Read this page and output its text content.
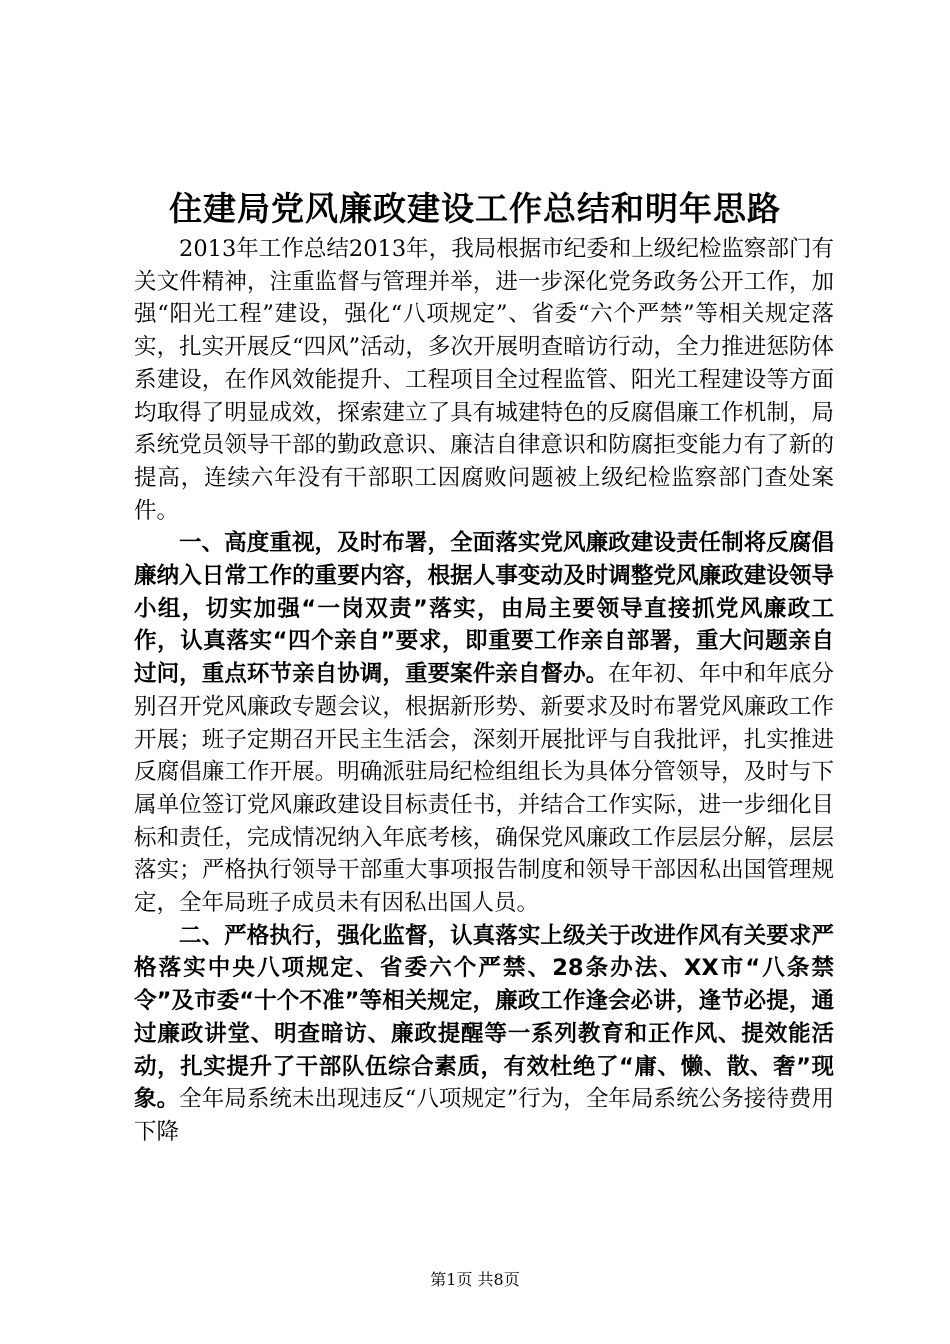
住建局党风廉政建设工作总结和明年思路

2013年工作总结2013年，我局根据市纪委和上级纪检监察部门有关文件精神，注重监督与管理并举，进一步深化党务政务公开工作，加强“阳光工程”建设，强化“八项规定”、省委“六个严禁”等相关规定落实，扎实开展反“四风”活动，多次开展明查暗访行动，全力推进惩防体系建设，在作风效能提升、工程项目全过程监管、阳光工程建设等方面均取得了明显成效，探索建立了具有城建特色的反腐倡廉工作机制，局系统党员领导干部的勤政意识、廉洁自律意识和防腐拒变能力有了新的提高，连续六年没有干部职工因腐败问题被上级纪检监察部门查处案件。

一、高度重视，及时布署，全面落实党风廉政建设责任制将反腐倡廉纳入日常工作的重要内容，根据人事变动及时调整党风廉政建设领导小组，切实加强“一岗双责”落实，由局主要领导直接抓党风廉政工作，认真落实“四个亲自”要求，即重要工作亲自部署，重大问题亲自过问，重点环节亲自协调，重要案件亲自督办。在年初、年中和年底分别召开党风廉政专题会议，根据新形势、新要求及时布署党风廉政工作开展；班子定期召开民主生活会，深刻开展批评与自我批评，扎实推进反腐倡廉工作开展。明确派驻局纪检组组长为具体分管领导，及时与下属单位签订党风廉政建设目标责任书，并结合工作实际，进一步细化目标和责任，完成情况纳入年底考核，确保党风廉政工作层层分解，层层落实；严格执行领导干部重大事项报告制度和领导干部因私出国管理规定，全年局班子成员未有因私出国人员。

二、严格执行，强化监督，认真落实上级关于改进作风有关要求严格落实中央八项规定、省委六个严禁、28条办法、XX市“八条禁令”及市委“十个不准”等相关规定，廉政工作逢会必讲，逢节必提，通过廉政讲堂、明查暗访、廉政提醒等一系列教育和正作风、提效能活动，扎实提升了干部队伍综合素质，有效杜绝了“庸、懒、散、奢”现象。全年局系统未出现违反“八项规定”行为，全年局系统公务接待费用下降

第1页 共8页
